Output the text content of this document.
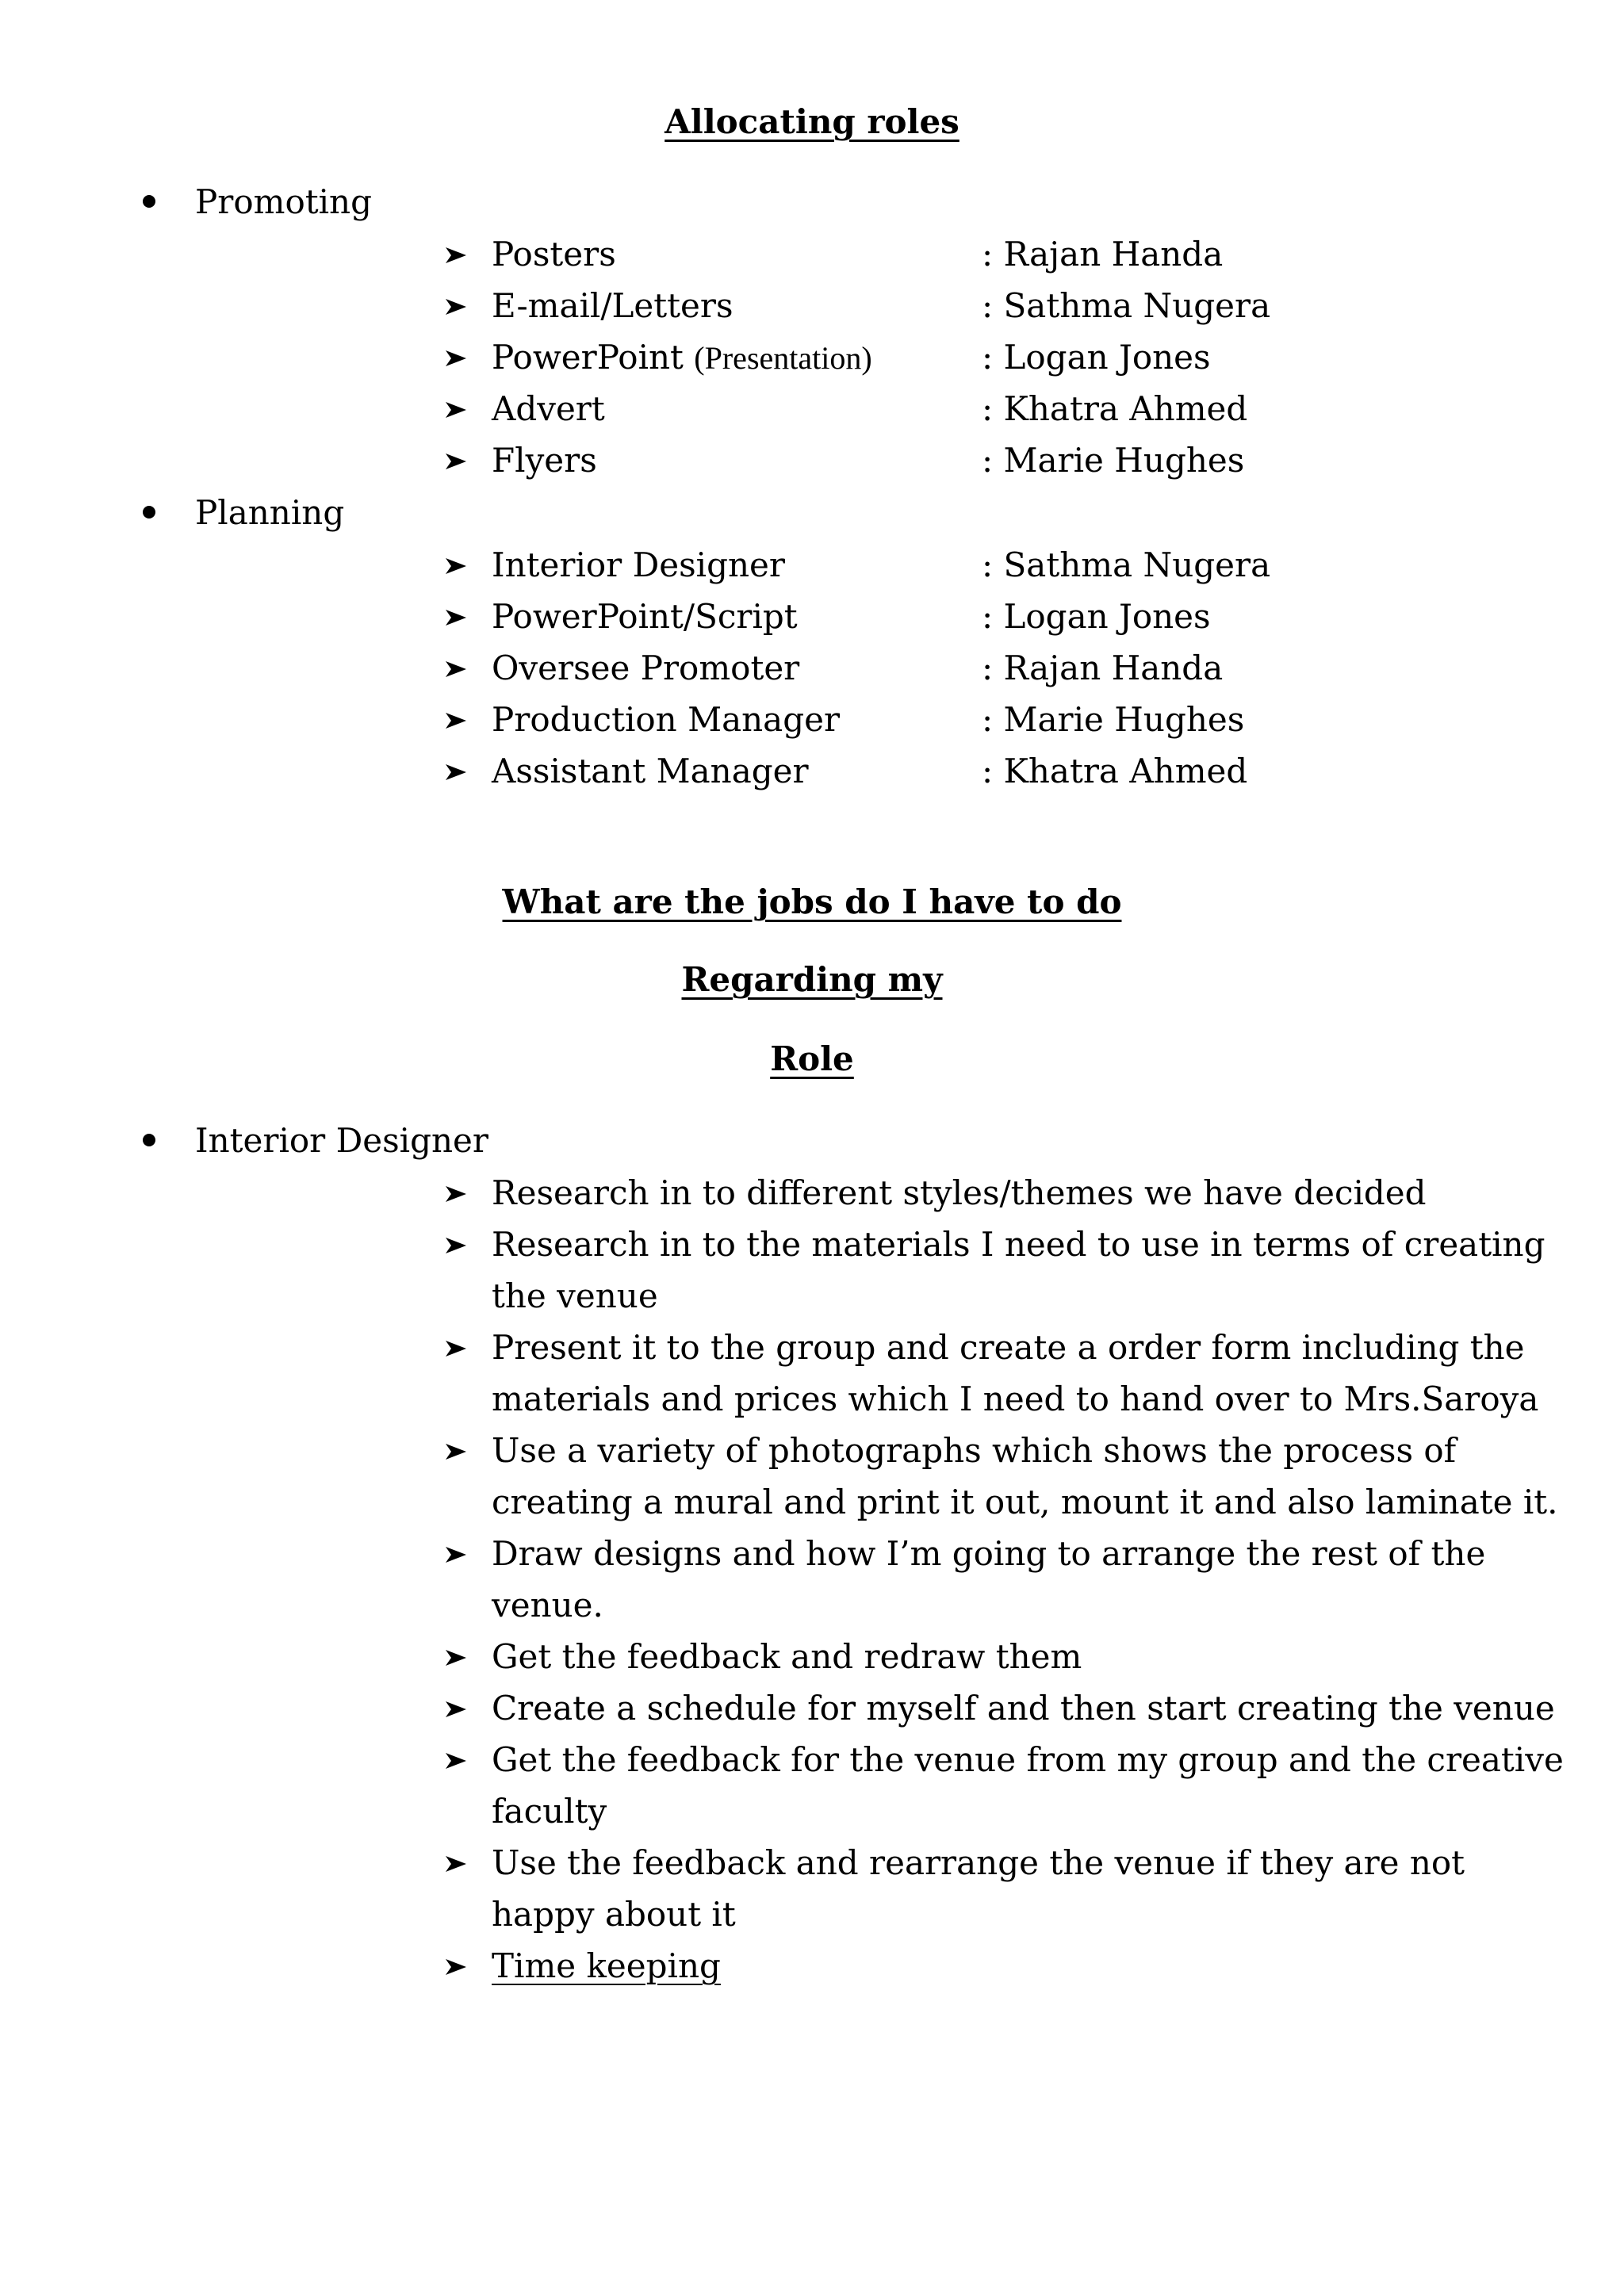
Allocating roles
Promoting
Posters	: Rajan Handa
E-mail/Letters	: Sathma Nugera
PowerPoint (Presentation)	: Logan Jones
Advert	: Khatra Ahmed
Flyers	: Marie Hughes
Planning
Interior Designer	: Sathma Nugera
PowerPoint/Script	: Logan Jones
Oversee Promoter	: Rajan Handa
Production Manager	: Marie Hughes
Assistant Manager	: Khatra Ahmed
What are the jobs do I have to do
Regarding my
Role
Interior Designer
Research in to different styles/themes we have decided
Research in to the materials I need to use in terms of creating the venue
Present it to the group and create a order form including the materials and prices which I need to hand over to Mrs.Saroya
Use a variety of photographs which shows the process of creating a mural and print it out, mount it and also laminate it.
Draw designs and how I’m going to arrange the rest of the venue.
Get the feedback and redraw them
Create a schedule for myself and then start creating the venue
Get the feedback for the venue from my group and the creative faculty
Use the feedback and rearrange the venue if they are not happy about it
Time keeping
